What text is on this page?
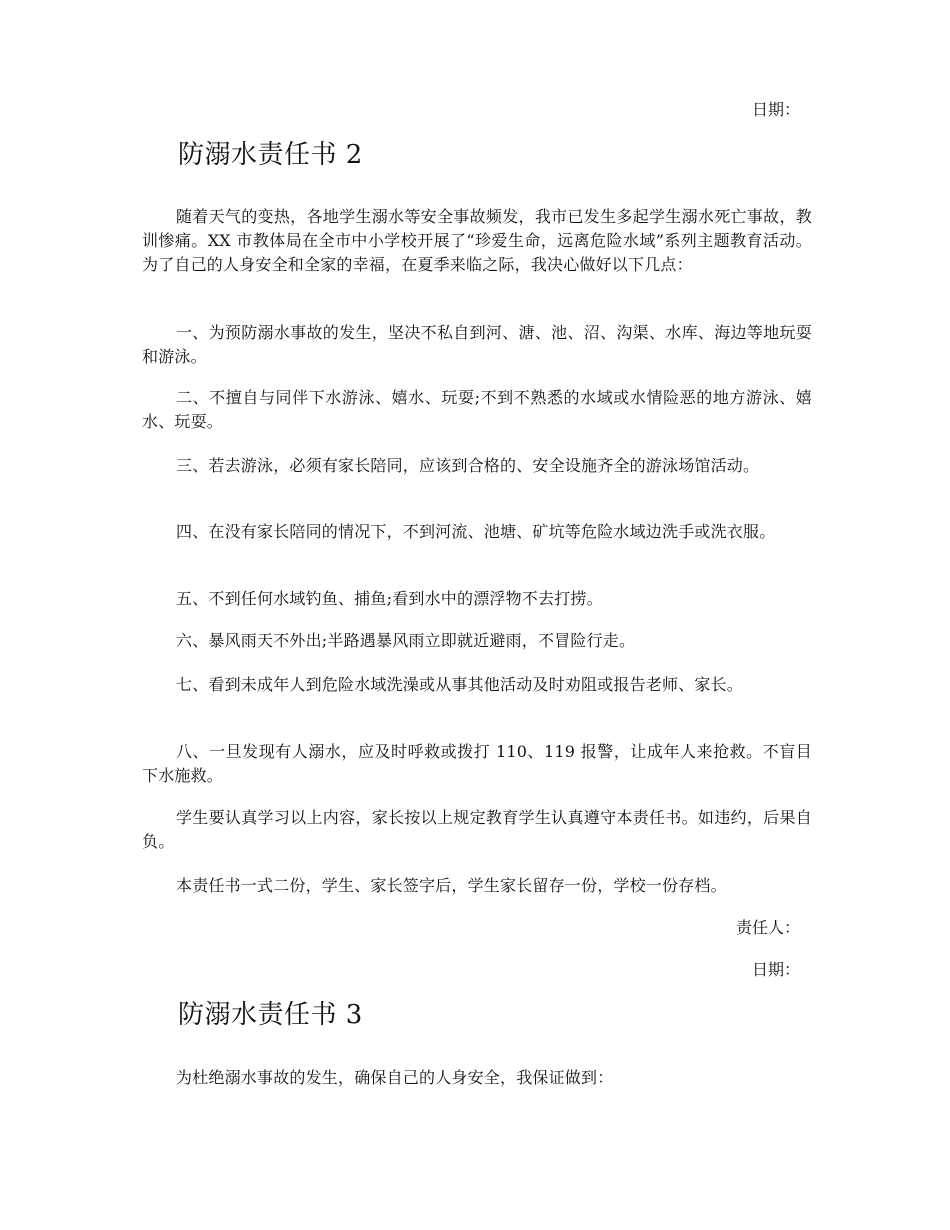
日期：
防溺水责任书 2

随着天气的变热，各地学生溺水等安全事故频发，我市已发生多起学生溺水死亡事故，教训惨痛。XX 市教体局在全市中小学校开展了“珍爱生命，远离危险水域”系列主题教育活动。为了自己的人身安全和全家的幸福，在夏季来临之际，我决心做好以下几点：

一、为预防溺水事故的发生，坚决不私自到河、溏、池、沼、沟渠、水库、海边等地玩耍和游泳。

二、不擅自与同伴下水游泳、嬉水、玩耍;不到不熟悉的水域或水情险恶的地方游泳、嬉水、玩耍。

三、若去游泳，必须有家长陪同，应该到合格的、安全设施齐全的游泳场馆活动。

四、在没有家长陪同的情况下，不到河流、池塘、矿坑等危险水域边洗手或洗衣服。

五、不到任何水域钓鱼、捕鱼;看到水中的漂浮物不去打捞。

六、暴风雨天不外出;半路遇暴风雨立即就近避雨，不冒险行走。

七、看到未成年人到危险水域洗澡或从事其他活动及时劝阻或报告老师、家长。

八、一旦发现有人溺水，应及时呼救或拨打 110、119 报警，让成年人来抢救。不盲目下水施救。

学生要认真学习以上内容，家长按以上规定教育学生认真遵守本责任书。如违约，后果自负。

本责任书一式二份，学生、家长签字后，学生家长留存一份，学校一份存档。

责任人：
日期：
防溺水责任书 3

为杜绝溺水事故的发生，确保自己的人身安全，我保证做到：
